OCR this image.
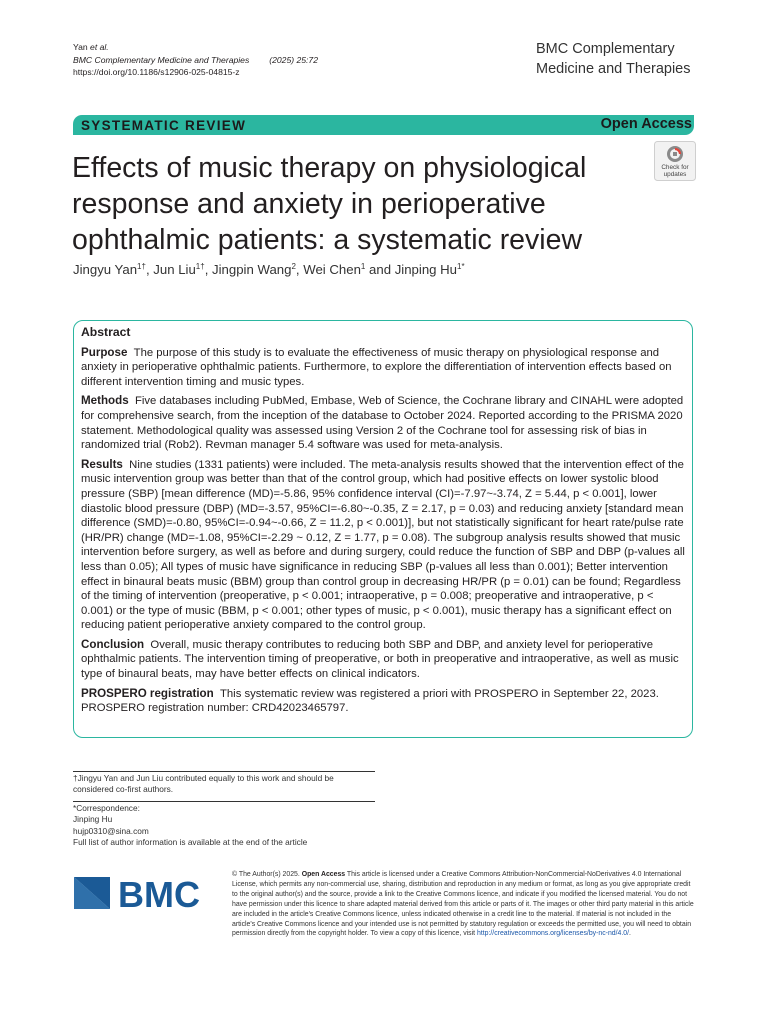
Yan et al.
BMC Complementary Medicine and Therapies (2025) 25:72
https://doi.org/10.1186/s12906-025-04815-z
BMC Complementary
Medicine and Therapies
SYSTEMATIC REVIEW	Open Access
Check for
updates
Effects of music therapy on physiological response and anxiety in perioperative ophthalmic patients: a systematic review
Jingyu Yan$^{1\dagger}$, Jun Liu$^{1\dagger}$, Jingpin Wang$^2$, Wei Chen$^1$ and Jinping $Hu^{1*}$
Abstract

Purpose The purpose of this study is to evaluate the effectiveness of music therapy on physiological response and anxiety in perioperative ophthalmic patients. Furthermore, to explore the differentiation of intervention effects based on different intervention timing and music types.

Methods Five databases including PubMed, Embase, Web of Science, the Cochrane library and CINAHL were adopted for comprehensive search, from the inception of the database to October 2024. Reported according to the PRISMA 2020 statement. Methodological quality was assessed using Version 2 of the Cochrane tool for assessing risk of bias in randomized trial (Rob2). Revman manager 5.4 software was used for meta-analysis.

Results Nine studies (1331 patients) were included. The meta-analysis results showed that the intervention effect of the music intervention group was better than that of the control group, which had positive effects on lower systolic blood pressure (SBP) [mean difference (MD)=-5.86, 95% confidence interval (CI)=-7.97~-3.74, Z = 5.44, p < 0.001], lower diastolic blood pressure (DBP) (MD=-3.57, 95%CI=-6.80~-0.35, Z = 2.17, p = 0.03) and reducing anxiety [standard mean difference (SMD)=-0.80, 95%CI=-0.94~-0.66, Z = 11.2, p < 0.001)], but not statistically significant for heart rate/pulse rate (HR/PR) change (MD=-1.08, 95%CI=-2.29 ~ 0.12, Z = 1.77, p = 0.08). The subgroup analysis results showed that music intervention before surgery, as well as before and during surgery, could reduce the function of SBP and DBP (p-values all less than 0.05); All types of music have significance in reducing SBP (p-values all less than 0.001); Better intervention effect in binaural beats music (BBM) group than control group in decreasing HR/PR (p = 0.01) can be found; Regardless of the timing of intervention (preoperative, p < 0.001; intraoperative, p = 0.008; preoperative and intraoperative, p < 0.001) or the type of music (BBM, p < 0.001; other types of music, p < 0.001), music therapy has a significant effect on reducing patient perioperative anxiety compared to the control group.

Conclusion Overall, music therapy contributes to reducing both SBP and DBP, and anxiety level for perioperative ophthalmic patients. The intervention timing of preoperative, or both in preoperative and intraoperative, as well as music type of binaural beats, may have better effects on clinical indicators.

PROSPERO registration This systematic review was registered a priori with PROSPERO in September 22, 2023. PROSPERO registration number: CRD42023465797.

†Jingyu Yan and Jun Liu contributed equally to this work and should be considered co-first authors.
*Correspondence:
Jinping Hu
hujp0310@sina.com
Full list of author information is available at the end of the article
BMC	© The Author(s) 2025. Open Access This article is licensed under a Creative Commons Attribution-NonCommercial-NoDerivatives 4.0 International License, which permits any non-commercial use, sharing, distribution and reproduction in any medium or format, as long as you give appropriate credit to the original author(s) and the source, provide a link to the Creative Commons licence, and indicate if you modified the licensed material. You do not have permission under this licence to share adapted material derived from this article or parts of it. The images or other third party material in this article are included in the article's Creative Commons licence, unless indicated otherwise in a credit line to the material. If material is not included in the article's Creative Commons licence and your intended use is not permitted by statutory regulation or exceeds the permitted use, you will need to obtain permission directly from the copyright holder. To view a copy of this licence, visit http://creativecommons.org/licenses/by-nc-nd/4.0/.
